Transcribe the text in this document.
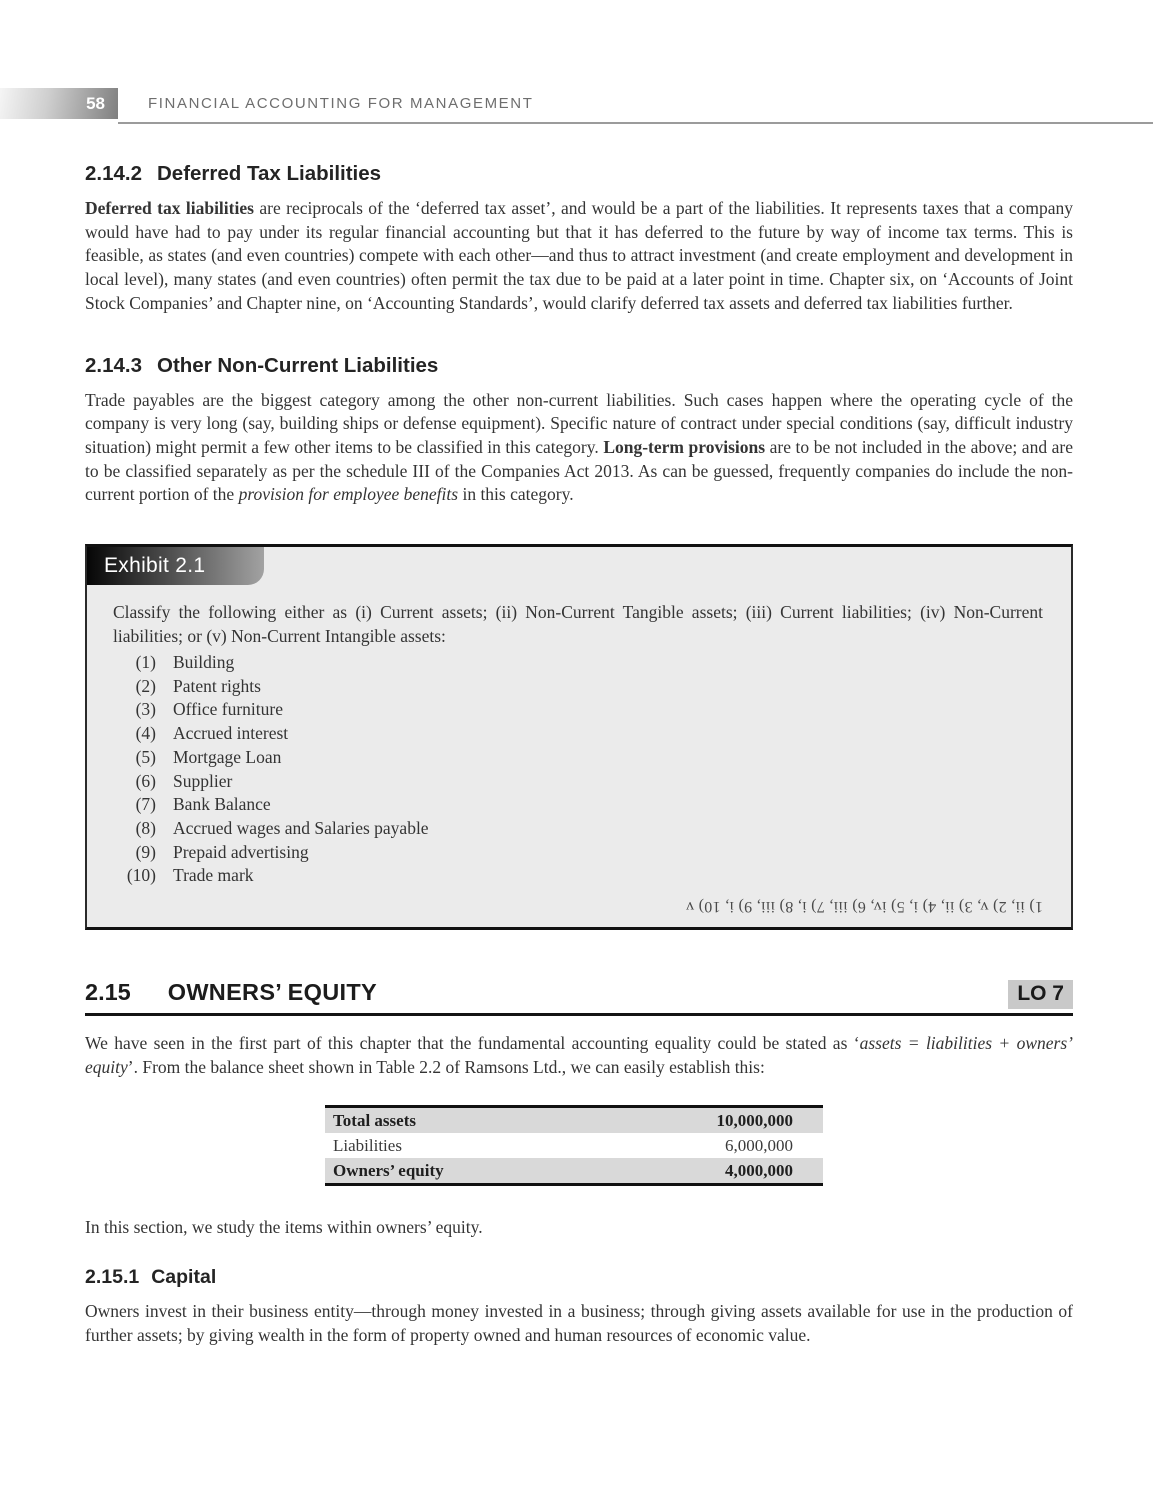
58	FINANCIAL ACCOUNTING FOR MANAGEMENT
2.14.2 Deferred Tax Liabilities

Deferred tax liabilities are reciprocals of the ‘deferred tax asset’, and would be a part of the liabilities. It represents taxes that a company would have had to pay under its regular financial accounting but that it has deferred to the future by way of income tax terms. This is feasible, as states (and even countries) compete with each other—and thus to attract investment (and create employment and development in local level), many states (and even countries) often permit the tax due to be paid at a later point in time. Chapter six, on ‘Accounts of Joint Stock Companies’ and Chapter nine, on ‘Accounting Standards’, would clarify deferred tax assets and deferred tax liabilities further.

2.14.3 Other Non-Current Liabilities

Trade payables are the biggest category among the other non-current liabilities. Such cases happen where the operating cycle of the company is very long (say, building ships or defense equipment). Specific nature of contract under special conditions (say, difficult industry situation) might permit a few other items to be classified in this category. Long-term provisions are to be not included in the above; and are to be classified separately as per the schedule III of the Companies Act 2013. As can be guessed, frequently companies do include the non-current portion of the provision for employee benefits in this category.

Exhibit 2.1

Classify the following either as (i) Current assets; (ii) Non-Current Tangible assets; (iii) Current liabilities; (iv) Non-Current liabilities; or (v) Non-Current Intangible assets:

(1) Building
(2) Patent rights
(3) Office furniture
(4) Accrued interest
(5) Mortgage Loan
(6) Supplier
(7) Bank Balance
(8) Accrued wages and Salaries payable
(9) Prepaid advertising
(10) Trade mark
1) ii, 2) v, 3) ii, 4) i, 5) iv, 6) iii, 7) i, 8) iii, 9) i, 10) v
2.15 OWNERS’ EQUITY	LO 7

We have seen in the first part of this chapter that the fundamental accounting equality could be stated as ‘assets = liabilities + owners’ equity’. From the balance sheet shown in Table 2.2 of Ramsons Ltd., we can easily establish this:

Total assets	10,000,000
Liabilities	6,000,000
Owners’ equity	4,000,000

In this section, we study the items within owners’ equity.

2.15.1 Capital

Owners invest in their business entity—through money invested in a business; through giving assets available for use in the production of further assets; by giving wealth in the form of property owned and human resources of economic value.
